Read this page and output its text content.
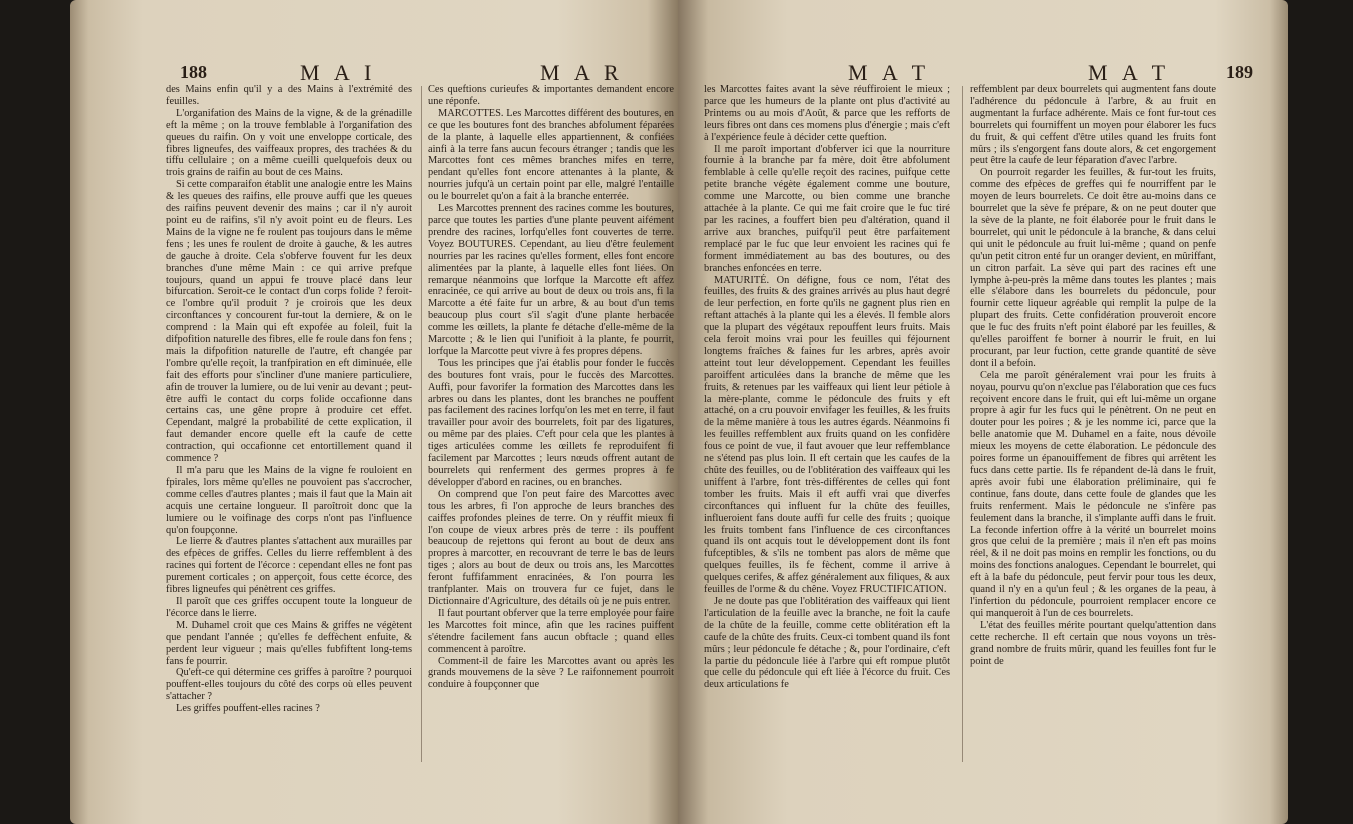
188	M A I	M A R

des Mains enfin qu'il y a des Mains à l'extrémité des feuilles.

L'organifation des Mains de la vigne, & de la grénadille eft la même ; on la trouve femblable à l'organifation des queues du raifin. On y voit une enveloppe corticale, des fibres ligneufes, des vaiffeaux propres, des trachées & du tiffu cellulaire ; on a même cueilli quelquefois deux ou trois grains de raifin au bout de ces Mains.

Si cette comparaifon établit une analogie entre les Mains & les queues des raifins, elle prouve auffi que les queues des raifins peuvent devenir des mains ; car il n'y auroit point eu de raifins, s'il n'y avoit point eu de fleurs. Les Mains de la vigne ne fe roulent pas toujours dans le même fens ; les unes fe roulent de droite à gauche, & les autres de gauche à droite. Cela s'obferve fouvent fur les deux branches d'une même Main : ce qui arrive prefque toujours, quand un appui fe trouve placé dans leur bifurcation. Seroit-ce le contact d'un corps folide ? feroit-ce l'ombre qu'il produit ? je croirois que les deux circonftances y concourent fur-tout la derniere, & on le comprend : la Main qui eft expofée au foleil, fuit la difpofition naturelle des fibres, elle fe roule dans fon fens ; mais la difpofition naturelle de l'autre, eft changée par l'ombre qu'elle reçoit, la tranfpiration en eft diminuée, elle fait des efforts pour s'incliner d'une maniere particuliere, afin de trouver la lumiere, ou de lui venir au devant ; peut-être auffi le contact du corps folide occafionne dans certains cas, une gêne propre à produire cet effet. Cependant, malgré la probabilité de cette explication, il faut demander encore quelle eft la caufe de cette contraction, qui occafionne cet entortillement quand il commence ?

Il m'a paru que les Mains de la vigne fe rouloient en fpirales, lors même qu'elles ne pouvoient pas s'accrocher, comme celles d'autres plantes ; mais il faut que la Main ait acquis une certaine longueur. Il paroîtroit donc que la lumiere ou le voifinage des corps n'ont pas l'influence qu'on foupçonne.

Le lierre & d'autres plantes s'attachent aux murailles par des efpèces de griffes. Celles du lierre reffemblent à des racines qui fortent de l'écorce : cependant elles ne font pas purement corticales ; on apperçoit, fous cette écorce, des fibres ligneufes qui pénètrent ces griffes.

Il paroît que ces griffes occupent toute la longueur de l'écorce dans le lierre.

M. Duhamel croit que ces Mains & griffes ne végètent que pendant l'année ; qu'elles fe deffèchent enfuite, & perdent leur vigueur ; mais qu'elles fubfiftent long-tems fans fe pourrir.

Qu'eft-ce qui détermine ces griffes à paroître ? pourquoi pouffent-elles toujours du côté des corps où elles peuvent s'attacher ?

Les griffes pouffent-elles racines ?

Ces queftions curieufes & importantes demandent encore une réponfe.

MARCOTTES. Les Marcottes différent des boutures, en ce que les boutures font des branches abfolument féparées de la plante, à laquelle elles appartiennent, & confiées ainfi à la terre fans aucun fecours étranger ; tandis que les Marcottes font ces mêmes branches mifes en terre, pendant qu'elles font encore attenantes à la plante, & nourries jufqu'à un certain point par elle, malgré l'entaille ou le bourrelet qu'on a fait à la branche enterrée.

Les Marcottes prennent des racines comme les boutures, parce que toutes les parties d'une plante peuvent aifément prendre des racines, lorfqu'elles font couvertes de terre. Voyez BOUTURES. Cependant, au lieu d'être feulement nourries par les racines qu'elles forment, elles font encore alimentées par la plante, à laquelle elles font liées. On remarque néanmoins que lorfque la Marcotte eft affez enracinée, ce qui arrive au bout de deux ou trois ans, fi la Marcotte a été faite fur un arbre, & au bout d'un tems beaucoup plus court s'il s'agit d'une plante herbacée comme les œillets, la plante fe détache d'elle-même de la Marcotte ; & le lien qui l'unifioit à la plante, fe pourrit, lorfque la Marcotte peut vivre à fes propres dépens.

Tous les principes que j'ai établis pour fonder le fuccès des boutures font vrais, pour le fuccès des Marcottes. Auffi, pour favorifer la formation des Marcottes dans les arbres ou dans les plantes, dont les branches ne pouffent pas facilement des racines lorfqu'on les met en terre, il faut travailler pour avoir des bourrelets, foit par des ligatures, ou même par des plaies. C'eft pour cela que les plantes à tiges articulées comme les œillets fe reproduifent fi facilement par Marcottes ; leurs nœuds offrent autant de bourrelets qui renferment des germes propres à fe développer d'abord en racines, ou en branches.

On comprend que l'on peut faire des Marcottes avec tous les arbres, fi l'on approche de leurs branches des caiffes profondes pleines de terre. On y réuffit mieux fi l'on coupe de vieux arbres près de terre : ils pouffent beaucoup de rejettons qui feront au bout de deux ans propres à marcotter, en recouvrant de terre le bas de leurs tiges ; alors au bout de deux ou trois ans, les Marcottes feront fuffifamment enracinées, & l'on pourra les tranfplanter. Mais on trouvera fur ce fujet, dans le Dictionnaire d'Agriculture, des détails où je ne puis entrer.

Il faut pourtant obferver que la terre employée pour faire les Marcottes foit mince, afin que les racines puiffent s'étendre facilement fans aucun obftacle ; quand elles commencent à paroître.

Comment-il de faire les Marcottes avant ou après les grands mouvemens de la sève ? Le raifonnement pourroit conduire à foupçonner que

M A T	M A T	189

les Marcottes faites avant la sève réuffiroient le mieux ; parce que les humeurs de la plante ont plus d'activité au Printems ou au mois d'Août, & parce que les refforts de leurs fibres ont dans ces momens plus d'énergie ; mais c'eft à l'expérience feule à décider cette queftion.

Il me paroît important d'obferver ici que la nourriture fournie à la branche par fa mère, doit être abfolument femblable à celle qu'elle reçoit des racines, puifque cette petite branche végète également comme une bouture, comme une Marcotte, ou bien comme une branche attachée à la plante. Ce qui me fait croire que le fuc tiré par les racines, a fouffert bien peu d'altération, quand il arrive aux branches, puifqu'il peut être parfaitement remplacé par le fuc que leur envoient les racines qui fe forment immédiatement au bas des boutures, ou des branches enfoncées en terre.

MATURITÉ. On défigne, fous ce nom, l'état des feuilles, des fruits & des graines arrivés au plus haut degré de leur perfection, en forte qu'ils ne gagnent plus rien en reftant attachés à la plante qui les a élevés. Il femble alors que la plupart des végétaux repouffent leurs fruits. Mais cela feroit moins vrai pour les feuilles qui féjournent longtems fraîches & faines fur les arbres, après avoir atteint tout leur développement. Cependant les feuilles paroiffent articulées dans la branche de même que les fruits, & retenues par les vaiffeaux qui lient leur pétiole à la mère-plante, comme le pédoncule des fruits y eft attaché, on a cru pouvoir envifager les feuilles, & les fruits de la même manière à tous les autres égards. Néanmoins fi les feuilles reffemblent aux fruits quand on les confidère fous ce point de vue, il faut avouer que leur reffemblance ne s'étend pas plus loin. Il eft certain que les caufes de la chûte des feuilles, ou de l'oblitération des vaiffeaux qui les uniffent à l'arbre, font très-différentes de celles qui font tomber les fruits. Mais il eft auffi vrai que diverfes circonftances qui influent fur la chûte des feuilles, influeroient fans doute auffi fur celle des fruits ; quoique les fruits tombent fans l'influence de ces circonftances quand ils ont acquis tout le développement dont ils font fufceptibles, & s'ils ne tombent pas alors de même que quelques feuilles, ils fe fèchent, comme il arrive à quelques cerifes, & affez généralement aux filiques, & aux feuilles de l'orme & du chêne. Voyez FRUCTIFICATION.

Je ne doute pas que l'oblitération des vaiffeaux qui lient l'articulation de la feuille avec la branche, ne foit la caufe de la chûte de la feuille, comme cette oblitération eft la caufe de la chûte des fruits. Ceux-ci tombent quand ils font mûrs ; leur pédoncule fe détache ; &, pour l'ordinaire, c'eft la partie du pédoncule liée à l'arbre qui eft rompue plutôt que celle du pédoncule qui eft liée à l'écorce du fruit. Ces deux articulations fe

reffemblent par deux bourrelets qui augmentent fans doute l'adhérence du pédoncule à l'arbre, & au fruit en augmentant la furface adhérente. Mais ce font fur-tout ces bourrelets qui fourniffent un moyen pour élaborer les fucs du fruit, & qui ceffent d'être utiles quand les fruits font mûrs ; ils s'engorgent fans doute alors, & cet engorgement peut être la caufe de leur féparation d'avec l'arbre.

On pourroit regarder les feuilles, & fur-tout les fruits, comme des efpèces de greffes qui fe nourriffent par le moyen de leurs bourrelets. Ce doit être au-moins dans ce bourrelet que la sève fe prépare, & on ne peut douter que la sève de la plante, ne foit élaborée pour le fruit dans le bourrelet, qui unit le pédoncule à la branche, & dans celui qui unit le pédoncule au fruit lui-même ; quand on penfe qu'un petit citron enté fur un oranger devient, en mûriffant, un citron parfait. La sève qui part des racines eft une lymphe à-peu-près la même dans toutes les plantes ; mais elle s'élabore dans les bourrelets du pédoncule, pour fournir cette liqueur agréable qui remplit la pulpe de la plupart des fruits. Cette confidération prouveroit encore que le fuc des fruits n'eft point élaboré par les feuilles, & qu'elles paroiffent fe borner à nourrir le fruit, en lui procurant, par leur fuction, cette grande quantité de sève dont il a befoin.

Cela me paroît généralement vrai pour les fruits à noyau, pourvu qu'on n'exclue pas l'élaboration que ces fucs reçoivent encore dans le fruit, qui eft lui-même un organe propre à agir fur les fucs qui le pénètrent. On ne peut en douter pour les poires ; & je les nomme ici, parce que la belle anatomie que M. Duhamel en a faite, nous dévoile mieux les moyens de cette élaboration. Le pédoncule des poires forme un épanouiffement de fibres qui arrêtent les fucs dans cette partie. Ils fe répandent de-là dans le fruit, après avoir fubi une élaboration préliminaire, qui fe continue, fans doute, dans cette foule de glandes que les fruits renferment. Mais le pédoncule ne s'infère pas feulement dans la branche, il s'implante auffi dans le fruit. La feconde infertion offre à la vérité un bourrelet moins gros que celui de la première ; mais il n'en eft pas moins réel, & il ne doit pas moins en remplir les fonctions, ou du moins des fonctions analogues. Cependant le bourrelet, qui eft à la bafe du pédoncule, peut fervir pour tous les deux, quand il n'y en a qu'un feul ; & les organes de la peau, à l'infertion du pédoncule, pourroient remplacer encore ce qui manqueroit à l'un de ces bourrelets.

L'état des feuilles mérite pourtant quelqu'attention dans cette recherche. Il eft certain que nous voyons un très-grand nombre de fruits mûrir, quand les feuilles font fur le point de
